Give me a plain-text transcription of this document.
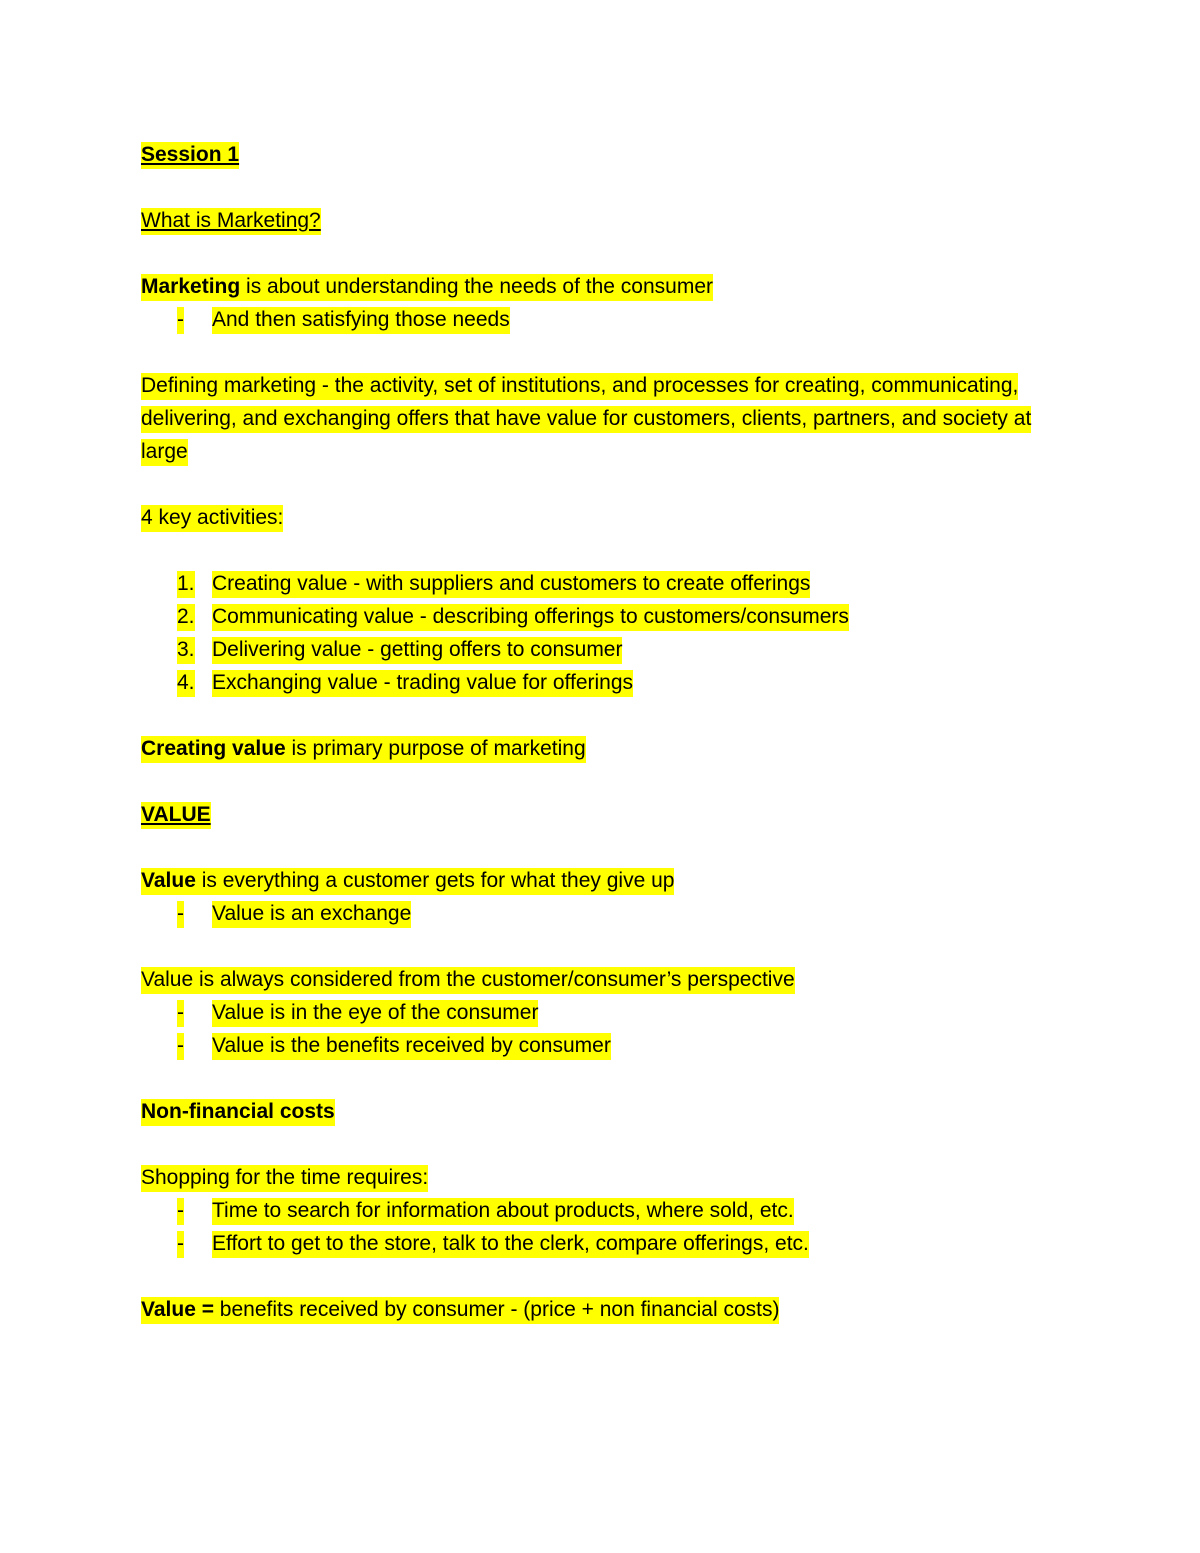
Session 1

What is Marketing?

Marketing is about understanding the needs of the consumer

-	And then satisfying those needs

Defining marketing - the activity, set of institutions, and processes for creating, communicating, delivering, and exchanging offers that have value for customers, clients, partners, and society at large

4 key activities:

1. Creating value - with suppliers and customers to create offerings
2. Communicating value - describing offerings to customers/consumers
3. Delivering value - getting offers to consumer
4. Exchanging value - trading value for offerings

Creating value is primary purpose of marketing

VALUE

Value is everything a customer gets for what they give up

-	Value is an exchange

Value is always considered from the customer/consumer’s perspective

-	Value is in the eye of the consumer
-	Value is the benefits received by consumer

Non-financial costs

Shopping for the time requires:

-	Time to search for information about products, where sold, etc.
-	Effort to get to the store, talk to the clerk, compare offerings, etc.

Value = benefits received by consumer - (price + non financial costs)
